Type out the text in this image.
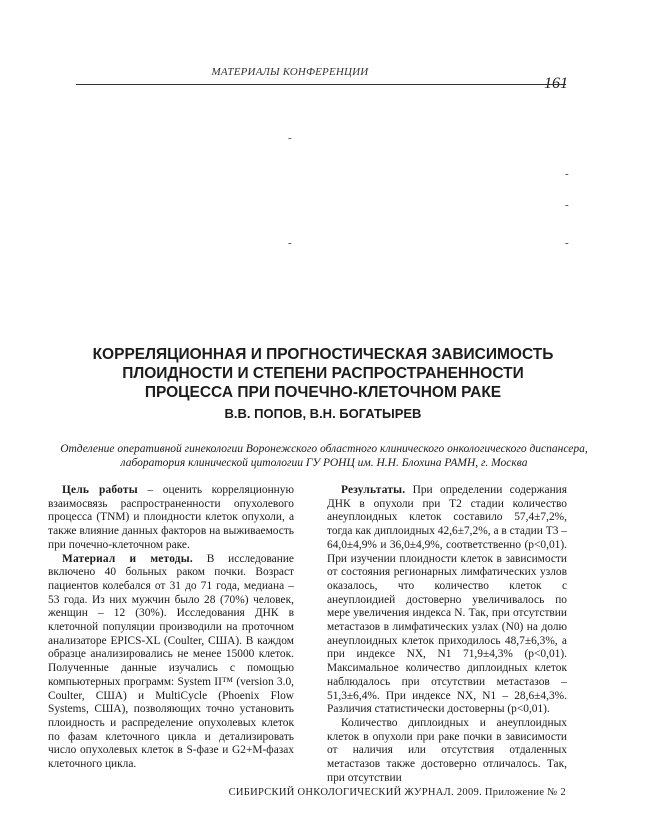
МАТЕРИАЛЫ КОНФЕРЕНЦИИ
161
-
-
-
-	-
КОРРЕЛЯЦИОННАЯ И ПРОГНОСТИЧЕСКАЯ ЗАВИСИМОСТЬ
ПЛОИДНОСТИ И СТЕПЕНИ РАСПРОСТРАНЕННОСТИ
ПРОЦЕССА ПРИ ПОЧЕЧНО-КЛЕТОЧНОМ РАКЕ
В.В. ПОПОВ, В.Н. БОГАТЫРЕВ
Отделение оперативной гинекологии Воронежского областного клинического онкологического диспансера, лаборатория клинической цитологии ГУ РОНЦ им. Н.Н. Блохина РАМН, г. Москва

Цель работы – оценить корреляционную взаимосвязь распространенности опухолевого процесса (TNM) и плоидности клеток опухоли, а также влияние данных факторов на выживаемость при почечно-клеточном раке.

Материал и методы. В исследование включено 40 больных раком почки. Возраст пациентов колебался от 31 до 71 года, медиана – 53 года. Из них мужчин было 28 (70%) человек, женщин – 12 (30%). Исследования ДНК в клеточной популяции производили на проточном анализаторе EPICS-XL (Coulter, США). В каждом образце анализировались не менее 15000 клеток. Полученные данные изучались с помощью компьютерных программ: System II™ (version 3.0, Coulter, США) и MultiCycle (Phoenix Flow Systems, США), позволяющих точно установить плоидность и распределение опухолевых клеток по фазам клеточного цикла и детализировать число опухолевых клеток в S-фазе и G2+M-фазах клеточного цикла.

Результаты. При определении содержания ДНК в опухоли при Т2 стадии количество анеуплоидных клеток составило 57,4±7,2%, тогда как диплоидных 42,6±7,2%, а в стадии Т3 – 64,0±4,9% и 36,0±4,9%, соответственно (р<0,01). При изучении плоидности клеток в зависимости от состояния регионарных лимфатических узлов оказалось, что количество клеток с анеуплоидией достоверно увеличивалось по мере увеличения индекса N. Так, при отсутствии метастазов в лимфатических узлах (N0) на долю анеуплоидных клеток приходилось 48,7±6,3%, а при индексе NX, N1 71,9±4,3% (р<0,01). Максимальное количество диплоидных клеток наблюдалось при отсутствии метастазов – 51,3±6,4%. При индексе NX, N1 – 28,6±4,3%. Различия статистически достоверны (р<0,01).

Количество диплоидных и анеуплоидных клеток в опухоли при раке почки в зависимости от наличия или отсутствия отдаленных метастазов также достоверно отличалось. Так, при отсутствии

СИБИРСКИЙ ОНКОЛОГИЧЕСКИЙ ЖУРНАЛ. 2009. Приложение № 2
